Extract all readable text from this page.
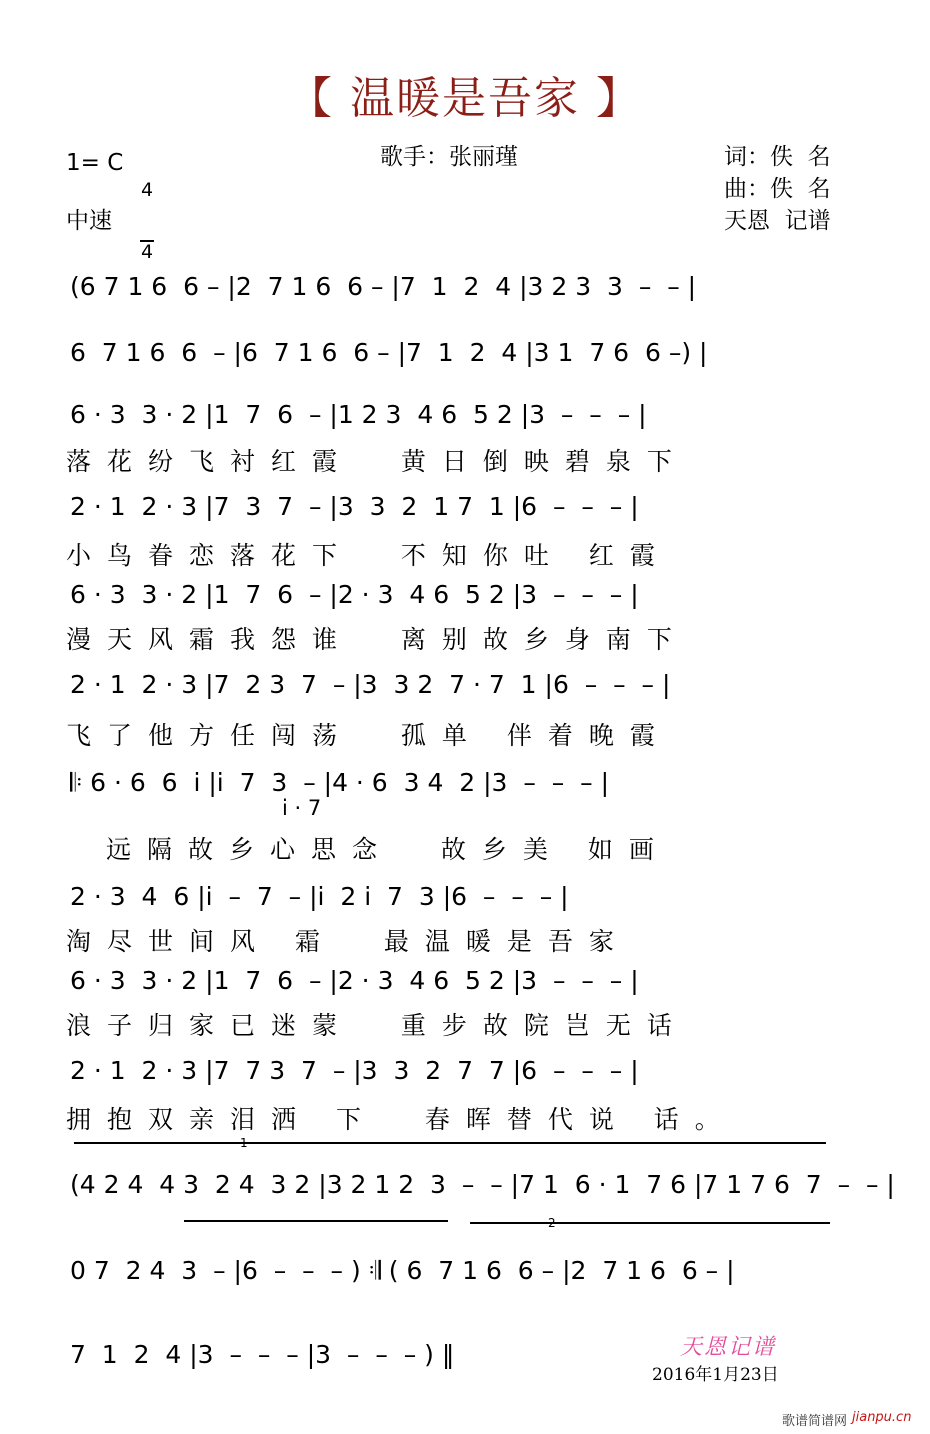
【 温暖是吾家 】
1= C

4

4

中速
歌手：张丽瑾	词：佚  名
曲：佚  名
天恩  记谱
(6 7 1 6  6 – |2  7 1 6  6 – |7  1  2  4 |3 2 3  3  –  – |
6  7 1 6  6  – |6  7 1 6  6 – |7  1  2  4 |3 1  7 6  6 –) |
6 · 3  3 · 2 |1  7  6  – |1 2 3  4 6  5 2 |3  –  –  – |
落花纷飞衬红霞  黄日倒映碧泉下
2 · 1  2 · 3 |7  3  7  – |3  3  2  1 7  1 |6  –  –  – |
小鸟眷恋落花下  不知你吐 红霞
6 · 3  3 · 2 |1  7  6  – |2 · 3  4 6  5 2 |3  –  –  – |
漫天风霜我怨谁  离别故乡身南下
2 · 1  2 · 3 |7  2 3  7  – |3  3 2  7 · 7  1 |6  –  –  – |
飞了他方任闯荡  孤单 伴着晚霞
𝄆 6 · 6  6  i |i  7  3  – |4 · 6  3 4  2 |3  –  –  – |
i · 7
远隔故乡心思念  故乡美 如画
2 · 3  4  6 |i  –  7  – |i  2 i  7  3 |6  –  –  – |
淘尽世间风 霜  最温暖是吾家
6 · 3  3 · 2 |1  7  6  – |2 · 3  4 6  5 2 |3  –  –  – |
浪子归家已迷蒙  重步故院岂无话
2 · 1  2 · 3 |7  7 3  7  – |3  3  2  7  7 |6  –  –  – |
拥抱双亲泪洒 下  春晖替代说 话。
1
(4 2 4  4 3  2 4  3 2 |3 2 1 2  3  –  – |7 1  6 · 1  7 6 |7 1 7 6  7  –  – |
2
0 7  2 4  3  – |6  –  –  – ) 𝄇 ( 6  7 1 6  6 – |2  7 1 6  6 – |
7  1  2  4 |3  –  –  – |3  –  –  – ) ‖	天恩记谱
2016年1月23日
歌谱简谱网 jianpu.cn
